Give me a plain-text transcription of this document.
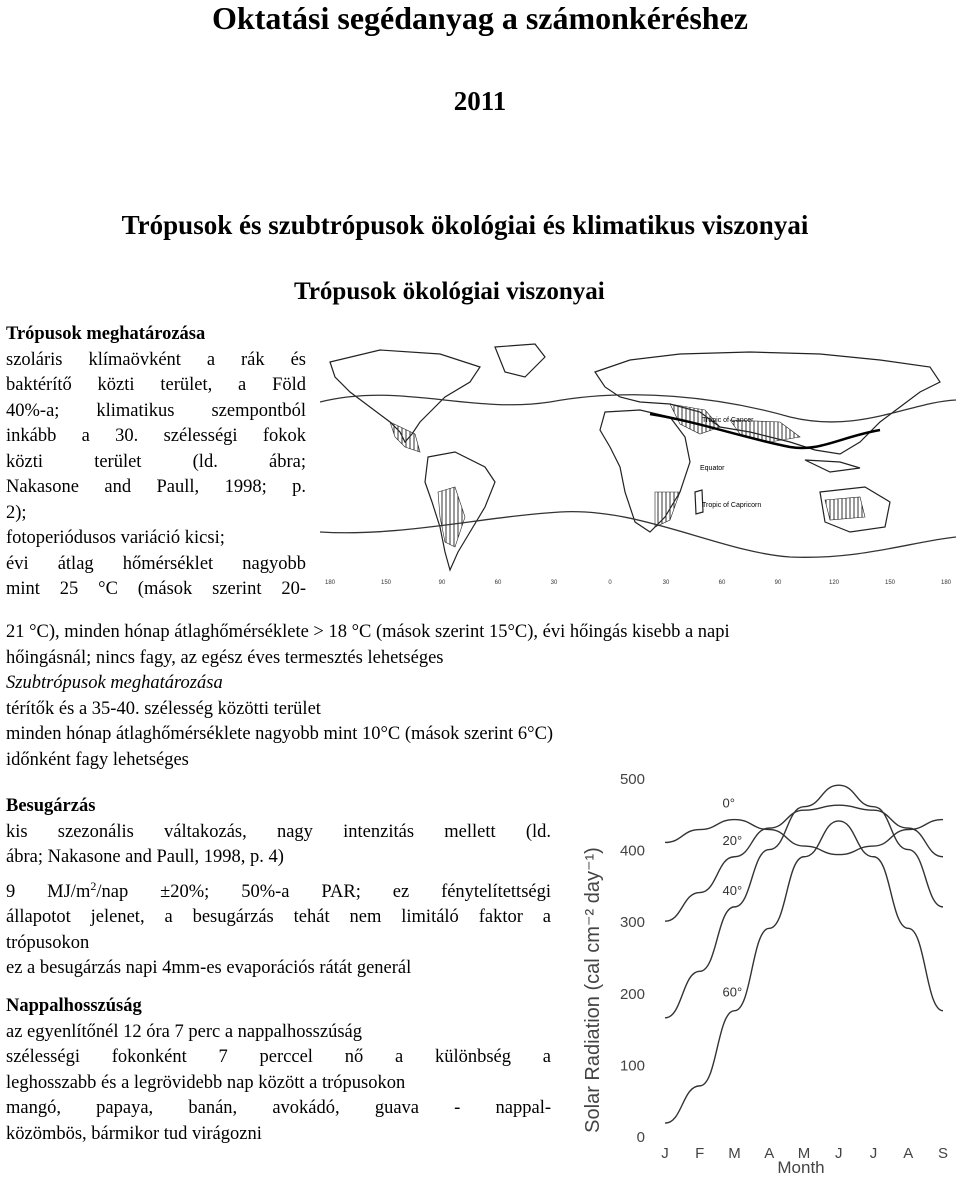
Oktatási segédanyag a számonkéréshez
2011
Trópusok és szubtrópusok ökológiai és klimatikus viszonyai
Trópusok ökológiai viszonyai
Trópusok meghatározása
szoláris klímaövként a rák és
baktérítő közti terület, a Föld
40%-a; klimatikus szempontból
inkább a 30. szélességi fokok
közti terület (ld. ábra;
Nakasone and Paull, 1998; p.
2);
fotoperiódusos variáció kicsi;
évi átlag hőmérséklet nagyobb
mint 25 °C (mások szerint 20-
21 °C), minden hónap átlaghőmérséklete > 18 °C (mások szerint 15°C), évi hőingás kisebb a napi
hőingásnál; nincs fagy, az egész éves termesztés lehetséges
Szubtrópusok meghatározása
térítők és a 35-40. szélesség közötti terület
minden hónap átlaghőmérséklete nagyobb mint 10°C (mások szerint 6°C)
időnként fagy lehetséges
Besugárzás
kis szezonális váltakozás, nagy intenzitás mellett (ld.
ábra; Nakasone and Paull, 1998, p. 4)
9 $MJ/m^2$/nap ±20%; 50%-a PAR; ez fénytelítettségi
állapotot jelenet, a besugárzás tehát nem limitáló faktor a
trópusokon
ez a besugárzás napi 4mm-es evaporációs rátát generál
Nappalhosszúság
az egyenlítőnél 12 óra 7 perc a nappalhosszúság
szélességi fokonként 7 perccel nő a különbség a
leghosszabb és a legrövidebb nap között a trópusokon
mangó, papaya, banán, avokádó, guava - nappal-
közömbös, bármikor tud virágozni
Tropic of Cancer
Equator
Tropic of Capricorn
180	150	90	60	30	0	30	60	90	120	150	180
Solar Radiation (cal cm⁻² day⁻¹)
Month
500
400
300
200
100
0
J F M A M J J A S
0°
20°
40°
60°
